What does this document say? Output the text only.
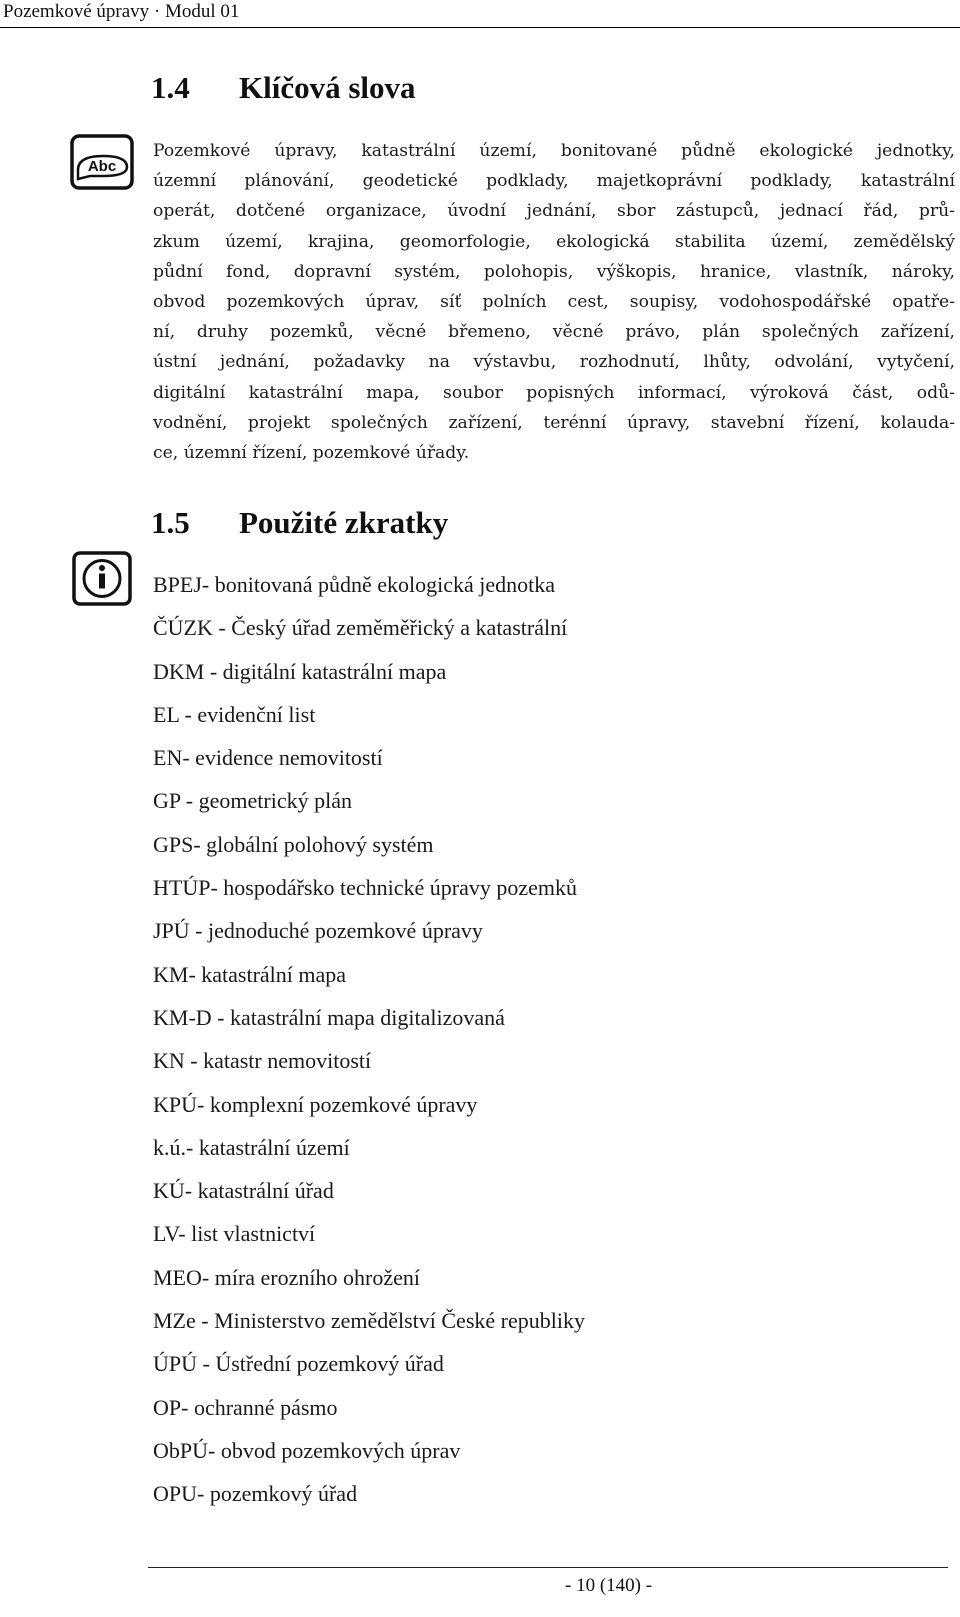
Pozemkové úpravy · Modul 01
1.4 Klíčová slova
Abc

Pozemkové úpravy, katastrální území, bonitované půdně ekologické jednotky,
územní plánování, geodetické podklady, majetkoprávní podklady, katastrální
operát, dotčené organizace, úvodní jednání, sbor zástupců, jednací řád, prů-
zkum území, krajina, geomorfologie, ekologická stabilita území, zemědělský
půdní fond, dopravní systém, polohopis, výškopis, hranice, vlastník, nároky,
obvod pozemkových úprav, síť polních cest, soupisy, vodohospodářské opatře-
ní, druhy pozemků, věcné břemeno, věcné právo, plán společných zařízení,
ústní jednání, požadavky na výstavbu, rozhodnutí, lhůty, odvolání, vytyčení,
digitální katastrální mapa, soubor popisných informací, výroková část, odů-
vodnění, projekt společných zařízení, terénní úpravy, stavební řízení, kolauda-
ce, územní řízení, pozemkové úřady.

1.5 Použité zkratky
BPEJ- bonitovaná půdně ekologická jednotka
ČÚZK - Český úřad zeměměřický a katastrální
DKM - digitální katastrální mapa
EL - evidenční list
EN- evidence nemovitostí
GP - geometrický plán
GPS- globální polohový systém
HTÚP- hospodářsko technické úpravy pozemků
JPÚ - jednoduché pozemkové úpravy
KM- katastrální mapa
KM-D - katastrální mapa digitalizovaná
KN - katastr nemovitostí
KPÚ- komplexní pozemkové úpravy
k.ú.- katastrální území
KÚ- katastrální úřad
LV- list vlastnictví
MEO- míra erozního ohrožení
MZe - Ministerstvo zemědělství České republiky
ÚPÚ - Ústřední pozemkový úřad
OP- ochranné pásmo
ObPÚ- obvod pozemkových úprav
OPU- pozemkový úřad
- 10 (140) -
